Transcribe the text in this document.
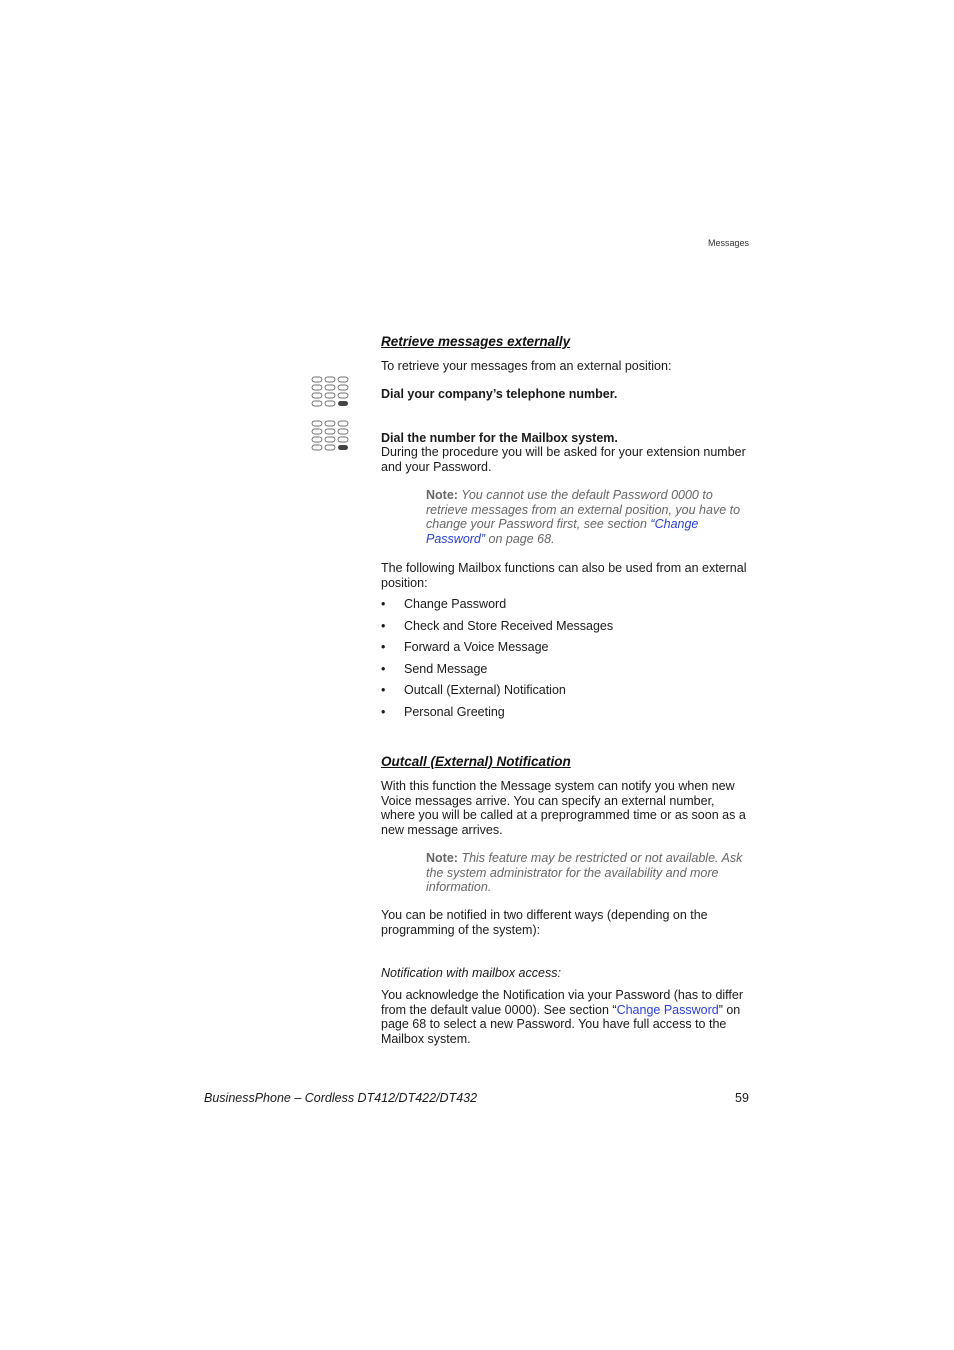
Messages
Retrieve messages externally

To retrieve your messages from an external position:

Dial your company’s telephone number.

Dial the number for the Mailbox system.

During the procedure you will be asked for your extension number and your Password.

Note: You cannot use the default Password 0000 to retrieve messages from an external position, you have to change your Password first, see section “Change Password” on page 68.

The following Mailbox functions can also be used from an external position:

• Change Password
• Check and Store Received Messages
• Forward a Voice Message
• Send Message
• Outcall (External) Notification
• Personal Greeting
Outcall (External) Notification

With this function the Message system can notify you when new Voice messages arrive. You can specify an external number, where you will be called at a preprogrammed time or as soon as a new message arrives.

Note: This feature may be restricted or not available. Ask the system administrator for the availability and more information.

You can be notified in two different ways (depending on the programming of the system):

Notification with mailbox access:

You acknowledge the Notification via your Password (has to differ from the default value 0000). See section “Change Password” on page 68 to select a new Password. You have full access to the Mailbox system.

BusinessPhone – Cordless DT412/DT422/DT432	59
